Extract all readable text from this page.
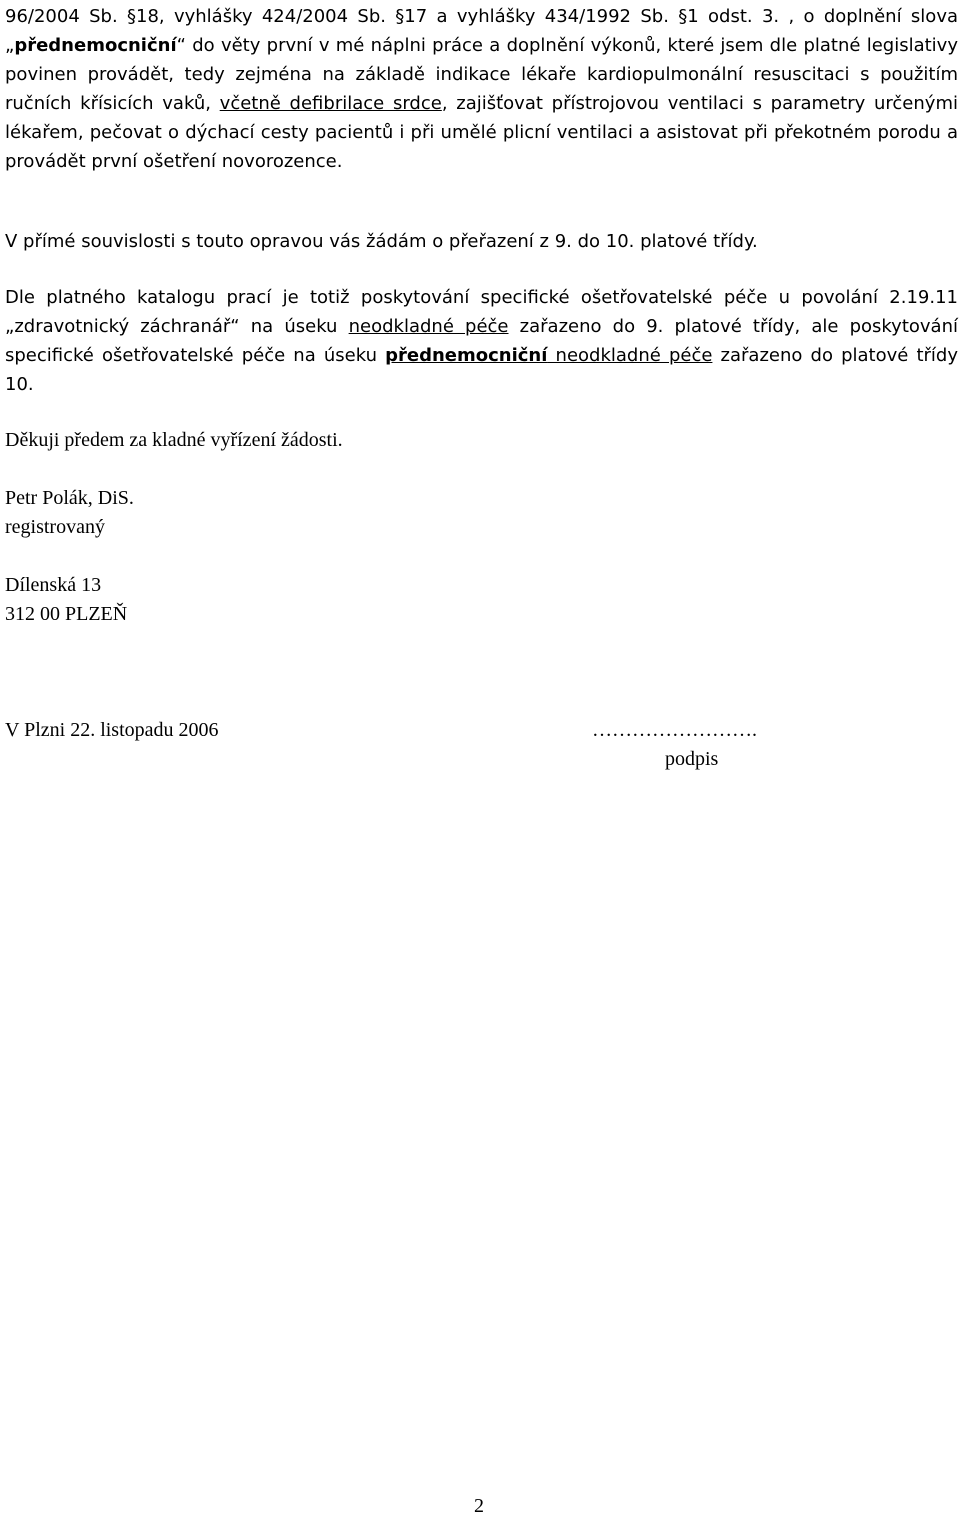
96/2004 Sb. §18, vyhlášky 424/2004 Sb. §17 a vyhlášky 434/1992 Sb. §1 odst. 3. , o doplnění slova „přednemocniční“ do věty první v mé náplni práce a doplnění výkonů, které jsem dle platné legislativy povinen provádět, tedy zejména na základě indikace lékaře kardiopulmonální resuscitaci s použitím ručních křísicích vaků, včetně defibrilace srdce, zajišťovat přístrojovou ventilaci s parametry určenými lékařem, pečovat o dýchací cesty pacientů i při umělé plicní ventilaci a asistovat při překotném porodu a provádět první ošetření novorozence.

V přímé souvislosti s touto opravou vás žádám o přeřazení z 9. do 10. platové třídy.

Dle platného katalogu prací je totiž poskytování specifické ošetřovatelské péče u povolání 2.19.11 „zdravotnický záchranář“ na úseku neodkladné péče zařazeno do 9. platové třídy, ale poskytování specifické ošetřovatelské péče na úseku přednemocniční neodkladné péče zařazeno do platové třídy 10.

Děkuji předem za kladné vyřízení žádosti.
Petr Polák, DiS.
registrovaný
Dílenská 13
312 00 PLZEŇ
V Plzni 22. listopadu 2006	…………………….
podpis
2
